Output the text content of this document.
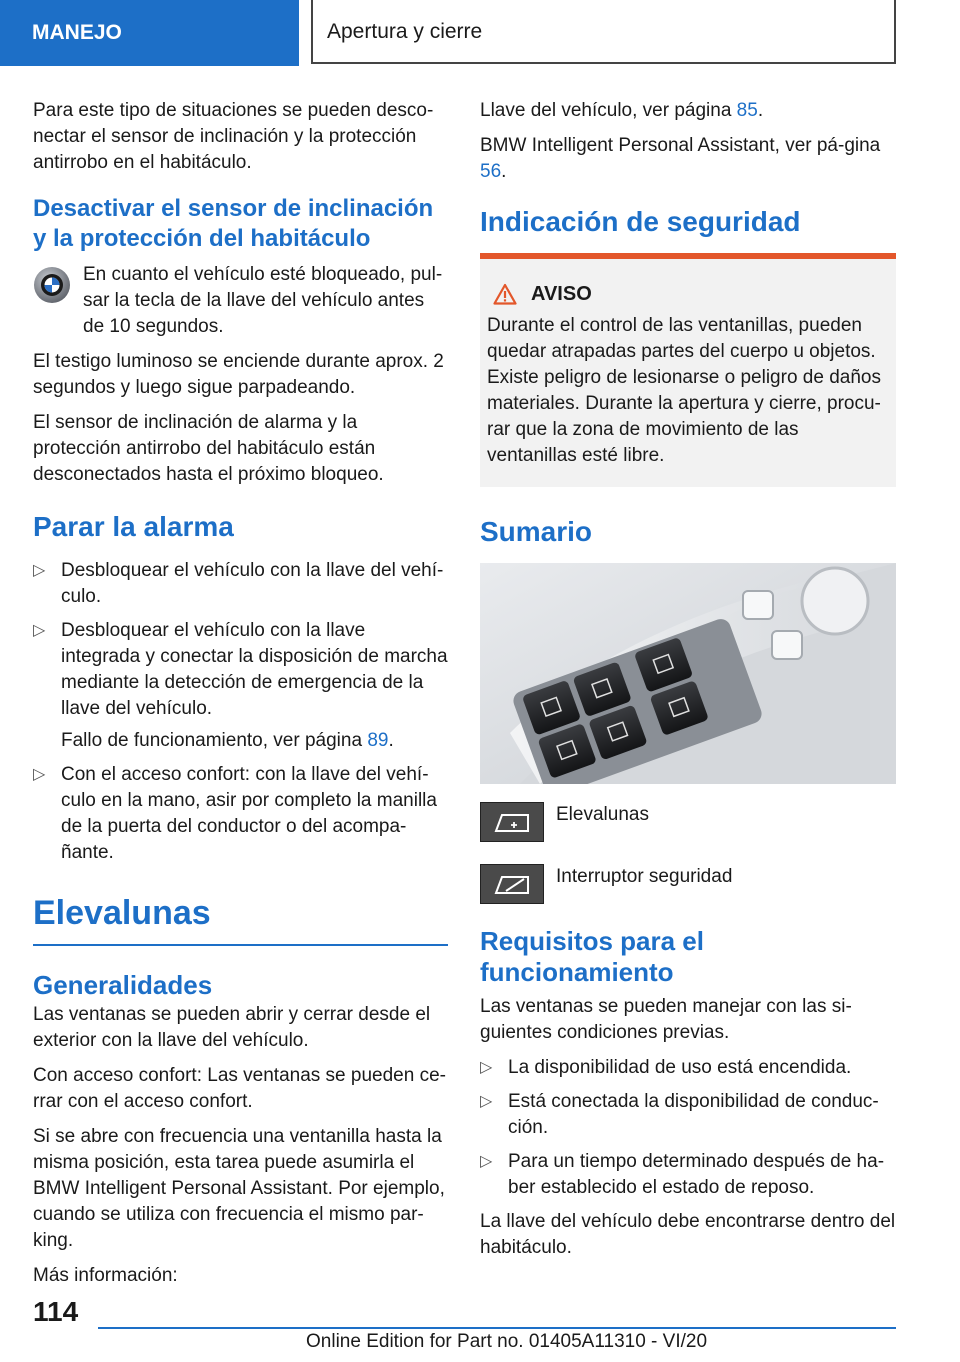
MANEJO	Apertura y cierre

Para este tipo de situaciones se pueden desco-nectar el sensor de inclinación y la protección antirrobo en el habitáculo.

Desactivar el sensor de inclinación y la protección del habitáculo
En cuanto el vehículo esté bloqueado, pul-sar la tecla de la llave del vehículo antes de 10 segundos.

El testigo luminoso se enciende durante aprox. 2 segundos y luego sigue parpadeando.

El sensor de inclinación de alarma y la protección antirrobo del habitáculo están desconectados hasta el próximo bloqueo.

Parar la alarma
▷ Desbloquear el vehículo con la llave del vehí-culo.
▷ Desbloquear el vehículo con la llave integrada y conectar la disposición de marcha mediante la detección de emergencia de la llave del vehículo.
Fallo de funcionamiento, ver página 89.
▷ Con el acceso confort: con la llave del vehí-culo en la mano, asir por completo la manilla de la puerta del conductor o del acompa-ñante.
Elevalunas
Generalidades

Las ventanas se pueden abrir y cerrar desde el exterior con la llave del vehículo.

Con acceso confort: Las ventanas se pueden ce-rrar con el acceso confort.

Si se abre con frecuencia una ventanilla hasta la misma posición, esta tarea puede asumirla el BMW Intelligent Personal Assistant. Por ejemplo, cuando se utiliza con frecuencia el mismo par-king.

Más información:

Llave del vehículo, ver página 85.

BMW Intelligent Personal Assistant, ver pá-gina 56.

Indicación de seguridad
AVISO
Durante el control de las ventanillas, pueden quedar atrapadas partes del cuerpo u objetos. Existe peligro de lesionarse o peligro de daños materiales. Durante la apertura y cierre, procu-rar que la zona de movimiento de las ventanillas esté libre.
Sumario
Elevalunas
Interruptor seguridad
Requisitos para el funcionamiento

Las ventanas se pueden manejar con las si-guientes condiciones previas.

▷ La disponibilidad de uso está encendida.
▷ Está conectada la disponibilidad de conduc-ción.
▷ Para un tiempo determinado después de ha-ber establecido el estado de reposo.

La llave del vehículo debe encontrarse dentro del habitáculo.

114
Online Edition for Part no. 01405A11310 - VI/20
